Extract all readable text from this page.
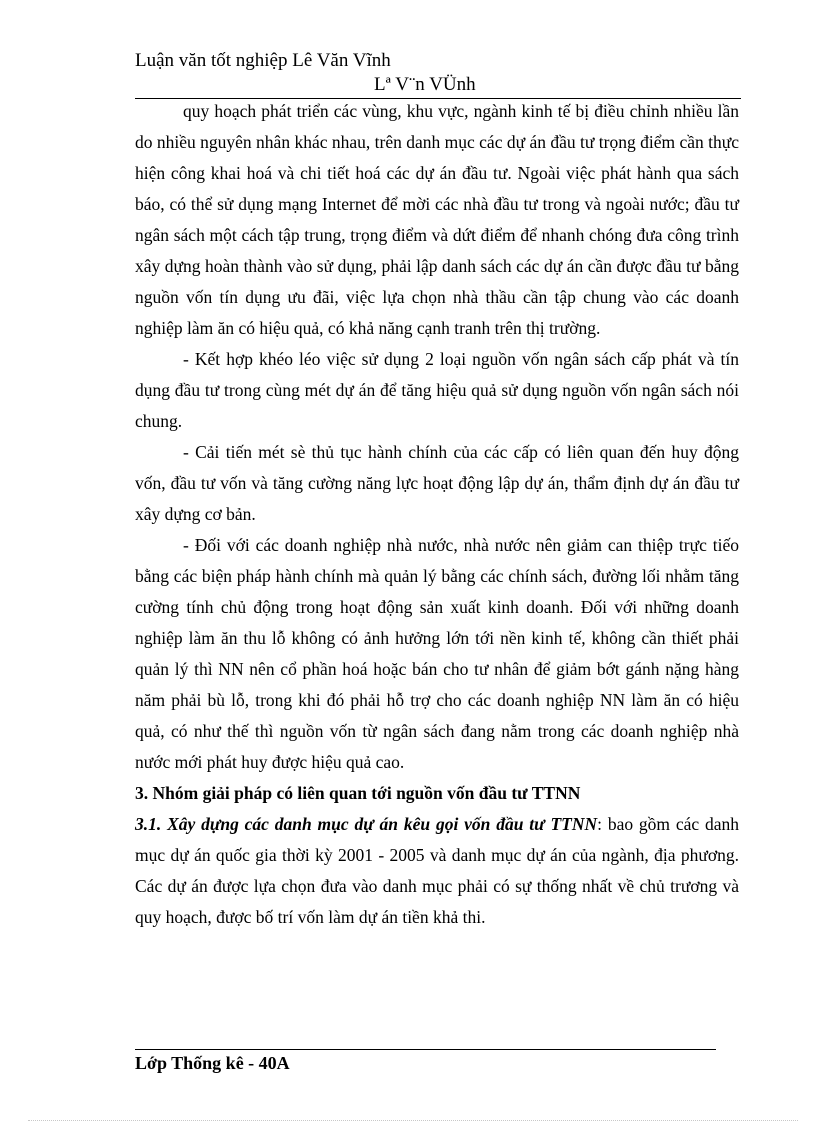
Luận văn tốt nghiệp Lê Văn Vĩnh
Lª V¨n VÜnh

quy hoạch phát triển các vùng, khu vực, ngành kinh tế bị điều chỉnh nhiều lần do nhiều nguyên nhân khác nhau, trên danh mục các dự án đầu tư trọng điểm cần thực hiện công khai hoá và chi tiết hoá các dự án đầu tư. Ngoài việc phát hành qua sách báo, có thể sử dụng mạng Internet để mời các nhà đầu tư trong và ngoài nước; đầu tư ngân sách một cách tập trung, trọng điểm và dứt điểm để nhanh chóng đưa công trình xây dựng hoàn thành vào sử dụng, phải lập danh sách các dự án cần được đầu tư bằng nguồn vốn tín dụng ưu đãi, việc lựa chọn nhà thầu cần tập chung vào các doanh nghiệp làm ăn có hiệu quả, có khả năng cạnh tranh trên thị trường.

- Kết hợp khéo léo việc sử dụng 2 loại nguồn vốn ngân sách cấp phát và tín dụng đầu tư trong cùng mét dự án để tăng hiệu quả sử dụng nguồn vốn ngân sách nói chung.

- Cải tiến mét sè thủ tục hành chính của các cấp có liên quan đến huy động vốn, đầu tư vốn và tăng cường năng lực hoạt động lập dự án, thẩm định dự án đầu tư xây dựng cơ bản.

- Đối với các doanh nghiệp nhà nước, nhà nước nên giảm can thiệp trực tiếo bằng các biện pháp hành chính mà quản lý bằng các chính sách, đường lối nhằm tăng cường tính chủ động trong hoạt động sản xuất kinh doanh. Đối với những doanh nghiệp làm ăn thu lỗ không có ảnh hưởng lớn tới nền kinh tế, không cần thiết phải quản lý thì NN nên cổ phần hoá hoặc bán cho tư nhân để giảm bớt gánh nặng hàng năm phải bù lỗ, trong khi đó phải hỗ trợ cho các doanh nghiệp NN làm ăn có hiệu quả, có như thế thì nguồn vốn từ ngân sách đang nằm trong các doanh nghiệp nhà nước mới phát huy được hiệu quả cao.

3. Nhóm giải pháp có liên quan tới nguồn vốn đầu tư TTNN

3.1. Xây dựng các danh mục dự án kêu gọi vốn đầu tư TTNN: bao gồm các danh mục dự án quốc gia thời kỳ 2001 - 2005 và danh mục dự án của ngành, địa phương. Các dự án được lựa chọn đưa vào danh mục phải có sự thống nhất về chủ trương và quy hoạch, được bố trí vốn làm dự án tiền khả thi.

Lớp Thống kê - 40A
